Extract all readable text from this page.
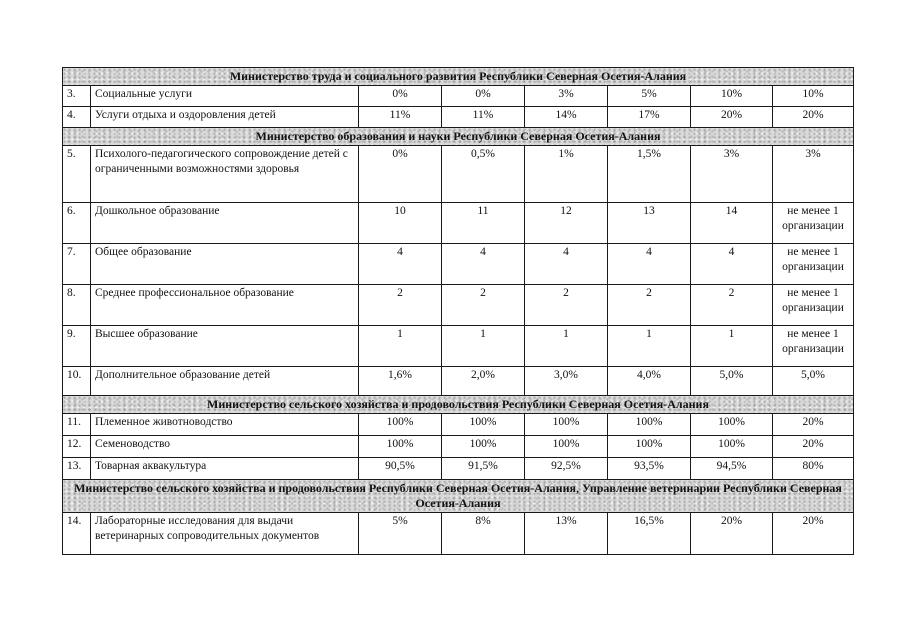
Министерство труда и социального развития Республики Северная Осетия-Алания							
3.	Социальные услуги	0%	0%	3%	5%	10%	10%
4.	Услуги отдыха и оздоровления детей	11%	11%	14%	17%	20%	20%
Министерство образования и науки Республики Северная Осетия-Алания							
5.	Психолого-педагогического сопровождение детей с ограниченными возможностями здоровья	0%	0,5%	1%	1,5%	3%	3%
6.	Дошкольное образование	10	11	12	13	14	не менее 1 организации
7.	Общее образование	4	4	4	4	4	не менее 1 организации
8.	Среднее профессиональное образование	2	2	2	2	2	не менее 1 организации
9.	Высшее образование	1	1	1	1	1	не менее 1 организации
10.	Дополнительное образование детей	1,6%	2,0%	3,0%	4,0%	5,0%	5,0%
Министерство сельского хозяйства и продовольствия Республики Северная Осетия-Алания							
11.	Племенное животноводство	100%	100%	100%	100%	100%	20%
12.	Семеноводство	100%	100%	100%	100%	100%	20%
13.	Товарная аквакультура	90,5%	91,5%	92,5%	93,5%	94,5%	80%
Министерство сельского хозяйства и продовольствия Республики Северная Осетия-Алания, Управление ветеринарии Республики Северная Осетия-Алания							
14.	Лабораторные исследования для выдачи ветеринарных сопроводительных документов	5%	8%	13%	16,5%	20%	20%
